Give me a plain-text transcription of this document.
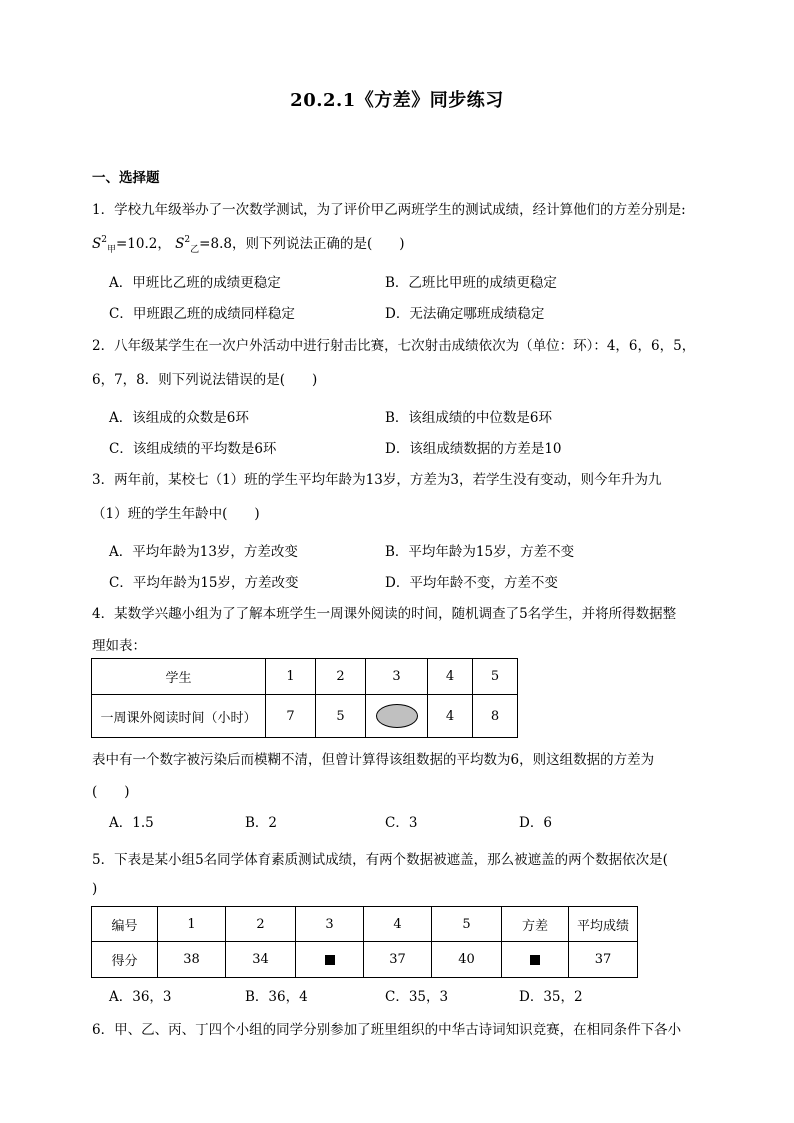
20.2.1《方差》同步练习
一、选择题
1．学校九年级举办了一次数学测试，为了评价甲乙两班学生的测试成绩，经计算他们的方差分别是:
$S^2_甲=10.2$， $S^2_乙=8.8$，则下列说法正确的是(　　)
A．甲班比乙班的成绩更稳定	B．乙班比甲班的成绩更稳定
C．甲班跟乙班的成绩同样稳定	D．无法确定哪班成绩稳定
2．八年级某学生在一次户外活动中进行射击比赛，七次射击成绩依次为（单位：环）：4，6，6，5，
6，7，8．则下列说法错误的是(　　)
A．该组成的众数是6环	B．该组成绩的中位数是6环
C．该组成绩的平均数是6环	D．该组成绩数据的方差是10
3．两年前，某校七（1）班的学生平均年龄为13岁，方差为3，若学生没有变动，则今年升为九
（1）班的学生年龄中(　　)
A．平均年龄为13岁，方差改变	B．平均年龄为15岁，方差不变
C．平均年龄为15岁，方差改变	D．平均年龄不变，方差不变
4．某数学兴趣小组为了了解本班学生一周课外阅读的时间，随机调查了5名学生，并将所得数据整
理如表：
学生	1	2	3	4	5
一周课外阅读时间（小时）	7	5		4	8
表中有一个数字被污染后而模糊不清，但曾计算得该组数据的平均数为6，则这组数据的方差为
(　　)
A．1.5	B．2	C．3	D．6
5．下表是某小组5名同学体育素质测试成绩，有两个数据被遮盖，那么被遮盖的两个数据依次是(
)
编号	1	2	3	4	5	方差	平均成绩
得分	38	34		37	40		37
A．36，3	B．36，4	C．35，3	D．35，2
6．甲、乙、丙、丁四个小组的同学分别参加了班里组织的中华古诗词知识竞赛，在相同条件下各小
